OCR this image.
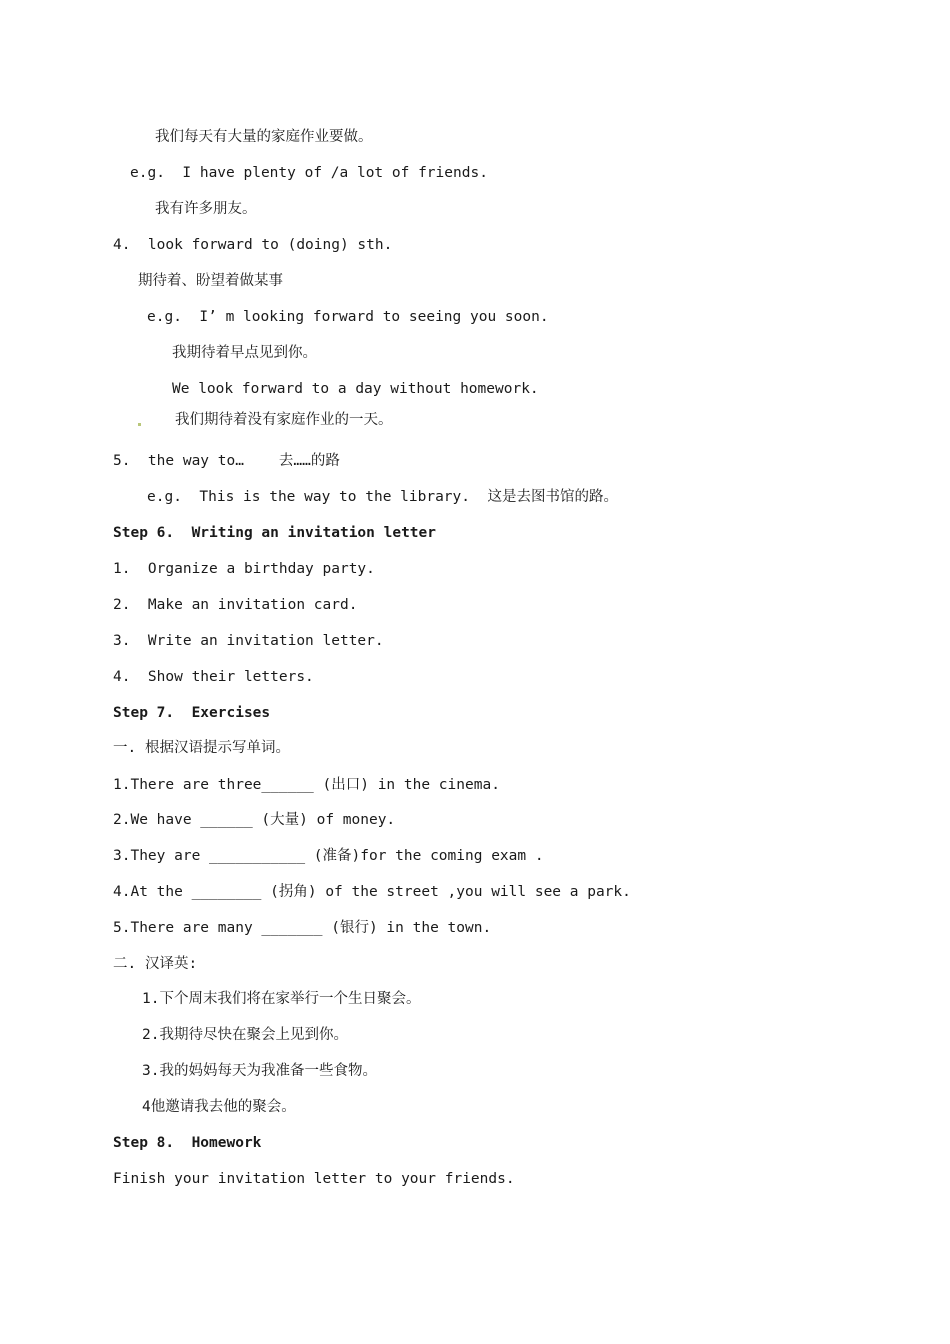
我们每天有大量的家庭作业要做。
e.g.  I have plenty of /a lot of friends.
我有许多朋友。
4.  look forward to (doing) sth.
期待着、盼望着做某事
e.g.  I’ m looking forward to seeing you soon.
我期待着早点见到你。
We look forward to a day without homework.
我们期待着没有家庭作业的一天。
5.  the way to…    去……的路
e.g.  This is the way to the library.  这是去图书馆的路。
Step 6.  Writing an invitation letter
1.  Organize a birthday party.
2.  Make an invitation card.
3.  Write an invitation letter.
4.  Show their letters.
Step 7.  Exercises
一. 根据汉语提示写单词。
1.There are three______ (出口) in the cinema.
2.We have ______ (大量) of money.
3.They are ___________ (准备)for the coming exam .
4.At the ________ (拐角) of the street ,you will see a park.
5.There are many _______ (银行) in the town.
二. 汉译英:
1.下个周末我们将在家举行一个生日聚会。
2.我期待尽快在聚会上见到你。
3.我的妈妈每天为我准备一些食物。
4他邀请我去他的聚会。
Step 8.  Homework
Finish your invitation letter to your friends.
